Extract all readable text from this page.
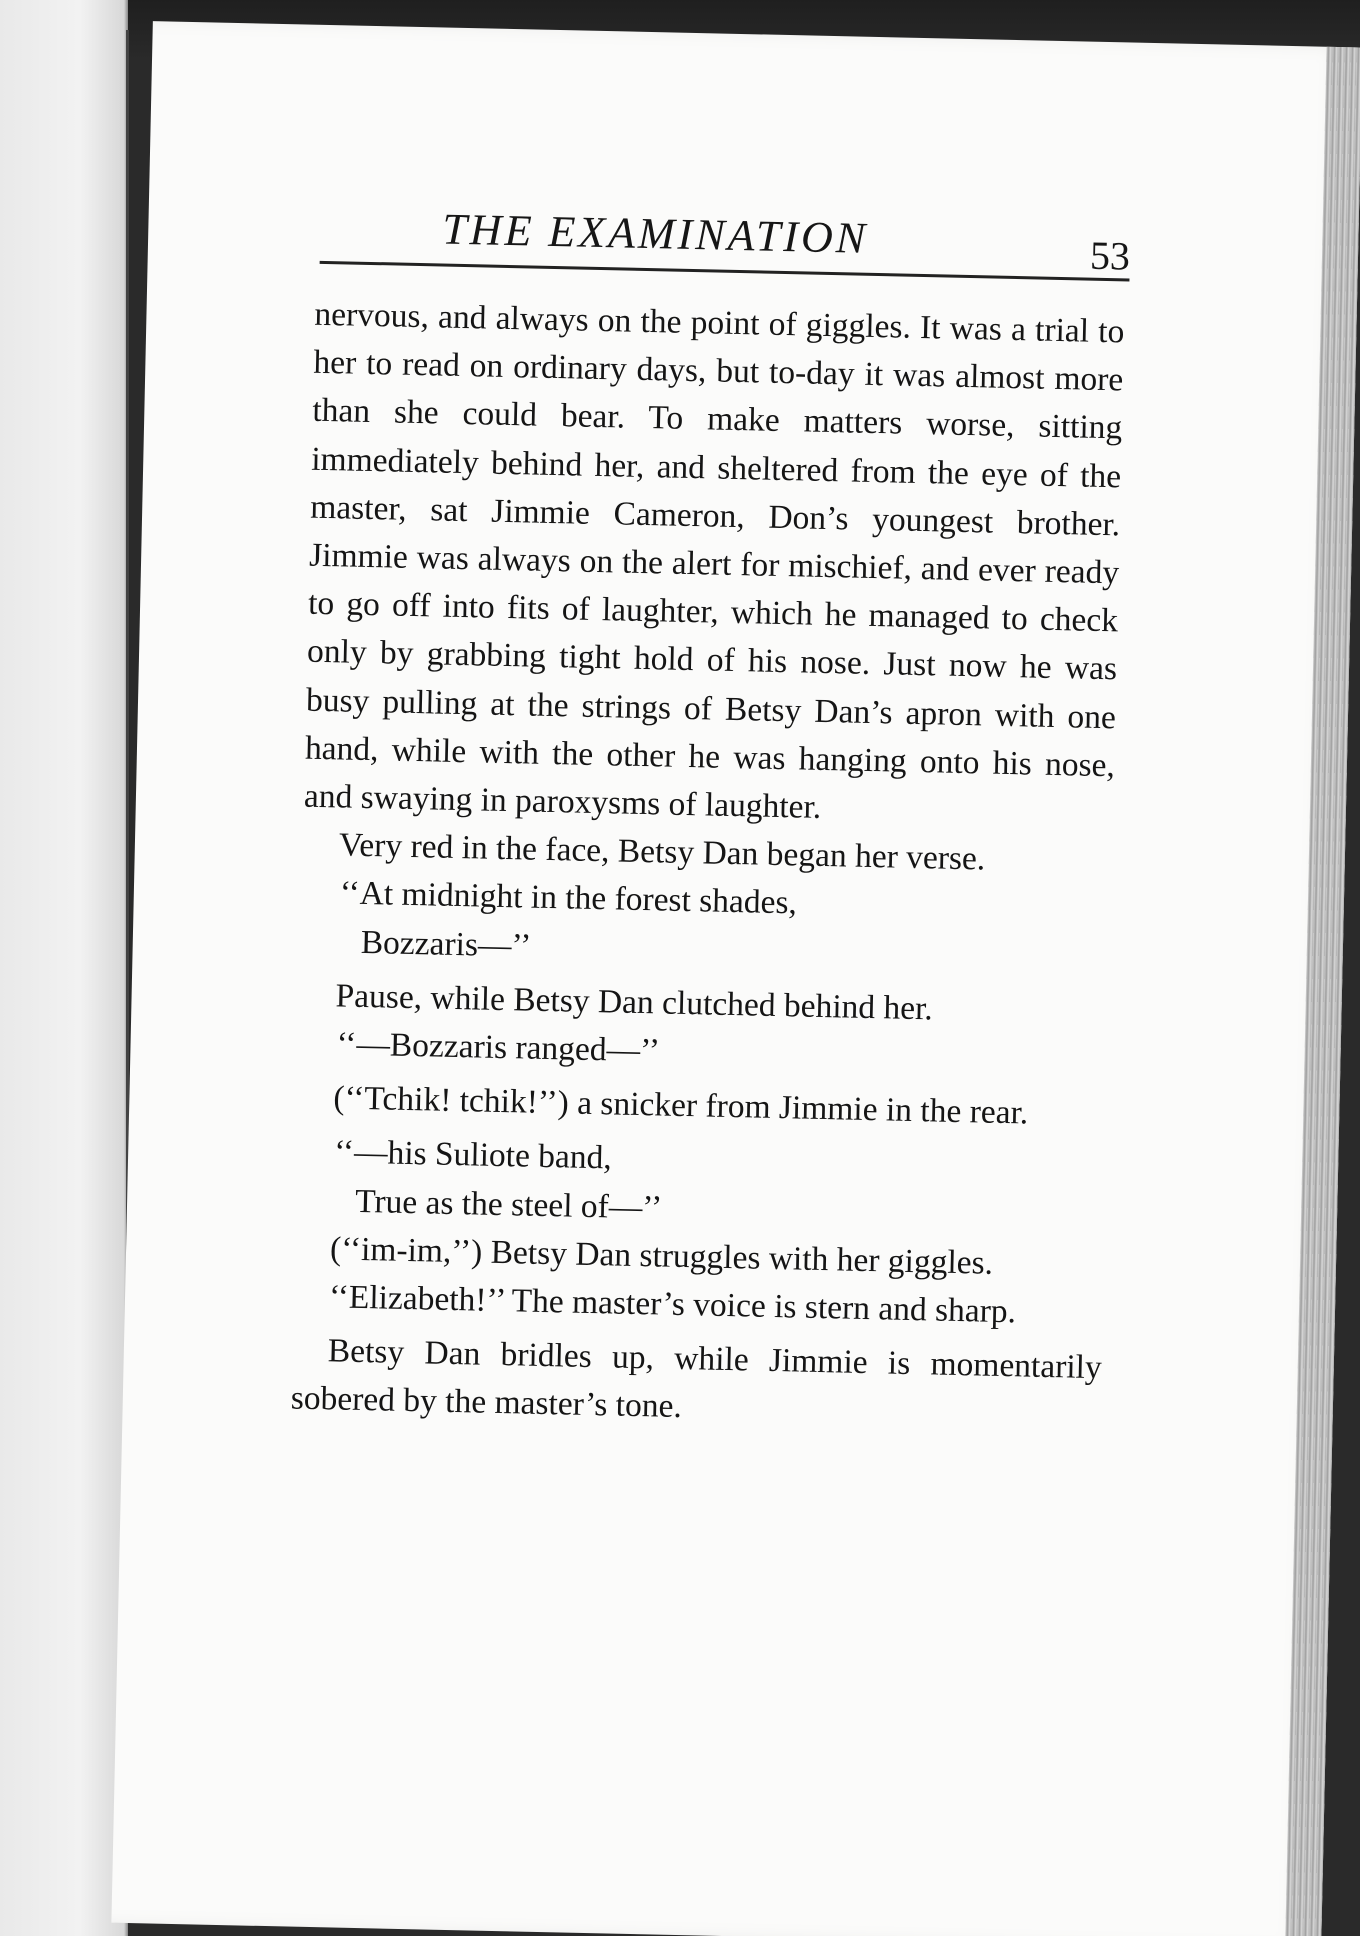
THE EXAMINATION	53

nervous, and always on the point of giggles. It was a trial to her to read on ordinary days, but to-day it was almost more than she could bear. To make matters worse, sitting immediately behind her, and sheltered from the eye of the master, sat Jimmie Cameron, Don’s youngest brother. Jimmie was always on the alert for mischief, and ever ready to go off into fits of laughter, which he managed to check only by grabbing tight hold of his nose. Just now he was busy pulling at the strings of Betsy Dan’s apron with one hand, while with the other he was hanging onto his nose, and swaying in paroxysms of laughter.

Very red in the face, Betsy Dan began her verse.

‘‘At midnight in the forest shades,

Bozzaris—’’

Pause, while Betsy Dan clutched behind her.

‘‘—Bozzaris ranged—’’

(‘‘Tchik! tchik!’’) a snicker from Jimmie in the rear.

‘‘—his Suliote band,

True as the steel of—’’

(‘‘im-im,’’) Betsy Dan struggles with her giggles.

‘‘Elizabeth!’’ The master’s voice is stern and sharp.

Betsy Dan bridles up, while Jimmie is momentarily sobered by the master’s tone.
